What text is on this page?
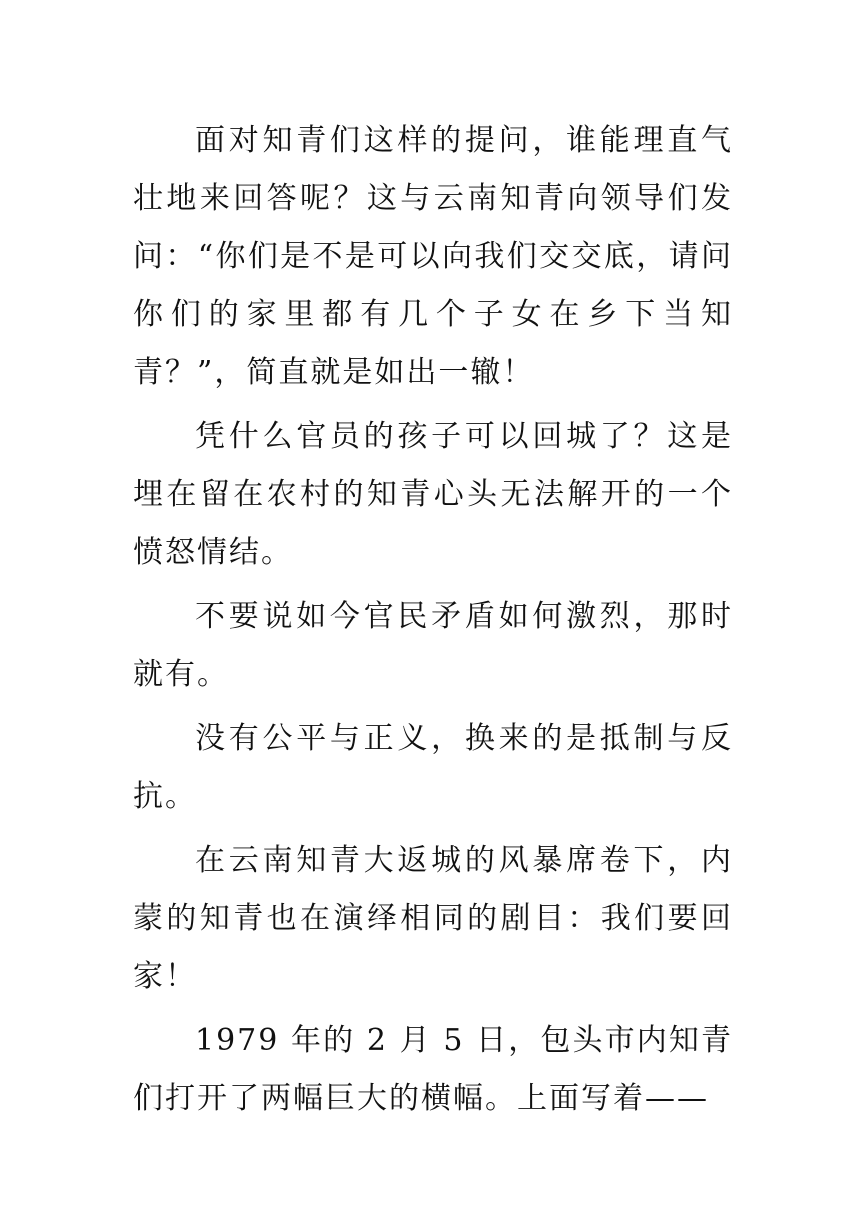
面对知青们这样的提问，谁能理直气壮地来回答呢？这与云南知青向领导们发问：“你们是不是可以向我们交交底，请问你们的家里都有几个子女在乡下当知青？”，简直就是如出一辙！

凭什么官员的孩子可以回城了？这是埋在留在农村的知青心头无法解开的一个愤怒情结。

不要说如今官民矛盾如何激烈，那时就有。

没有公平与正义，换来的是抵制与反抗。

在云南知青大返城的风暴席卷下，内蒙的知青也在演绎相同的剧目：我们要回家！

1979 年的 2 月 5 日，包头市内知青们打开了两幅巨大的横幅。上面写着——
